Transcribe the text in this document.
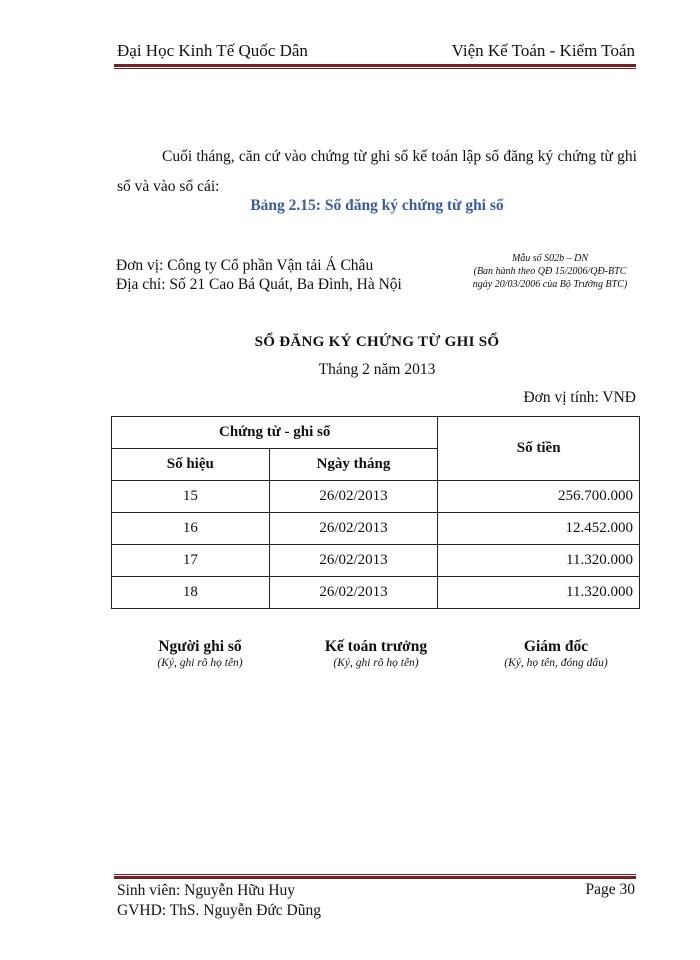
Đại Học Kinh Tế Quốc Dân	Viện Kế Toán - Kiểm Toán
Cuối tháng, căn cứ vào chứng từ ghi sổ kế toán lập sổ đăng ký chứng từ ghi sổ và vào sổ cái:
Bảng 2.15: Sổ đăng ký chứng từ ghi sổ
Đơn vị: Công ty Cổ phần Vận tải Á Châu
Địa chỉ: Số 21 Cao Bá Quát, Ba Đình, Hà Nội
Mẫu số S02b – DN
(Ban hành theo QĐ 15/2006/QĐ-BTC ngày 20/03/2006 của Bộ Trưởng BTC)
SỔ ĐĂNG KÝ CHỨNG TỪ GHI SỔ
Tháng 2 năm 2013
Đơn vị tính: VNĐ
Chứng từ - ghi sổ		Số tiền
Số hiệu	Ngày tháng	
15	26/02/2013	256.700.000
16	26/02/2013	12.452.000
17	26/02/2013	11.320.000
18	26/02/2013	11.320.000
Người ghi sổ
(Ký, ghi rõ họ tên)
Kế toán trưởng
(Ký, ghi rõ họ tên)
Giám đốc
(Ký, họ tên, đóng dấu)
Sinh viên: Nguyễn Hữu Huy
GVHD: ThS. Nguyễn Đức Dũng
Page 30
